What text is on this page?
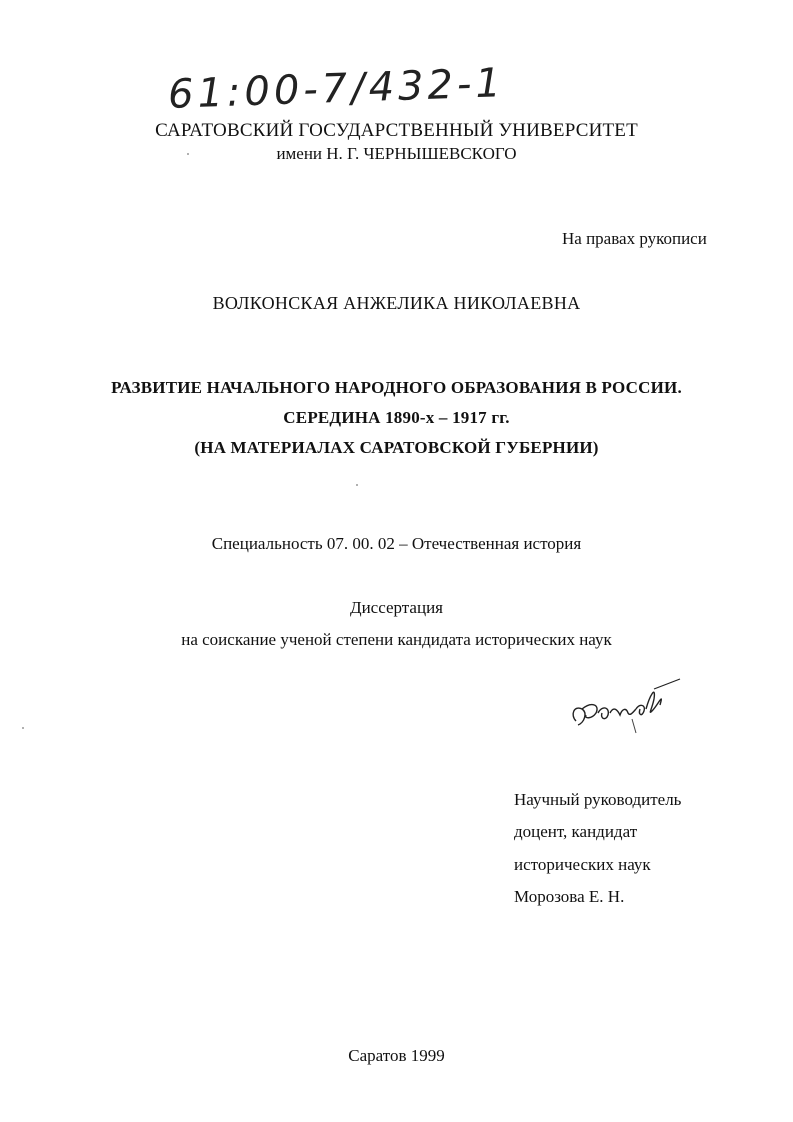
61:00-7/432-1
САРАТОВСКИЙ ГОСУДАРСТВЕННЫЙ УНИВЕРСИТЕТ
имени Н. Г. ЧЕРНЫШЕВСКОГО
На правах рукописи
ВОЛКОНСКАЯ АНЖЕЛИКА НИКОЛАЕВНА
РАЗВИТИЕ НАЧАЛЬНОГО НАРОДНОГО ОБРАЗОВАНИЯ В РОССИИ.
СЕРЕДИНА 1890-х – 1917 гг.
(НА МАТЕРИАЛАХ САРАТОВСКОЙ ГУБЕРНИИ)
Специальность 07. 00. 02 – Отечественная история
Диссертация
на соискание ученой степени кандидата исторических наук
Научный руководитель
доцент, кандидат
исторических наук
Морозова Е. Н.
Саратов 1999
